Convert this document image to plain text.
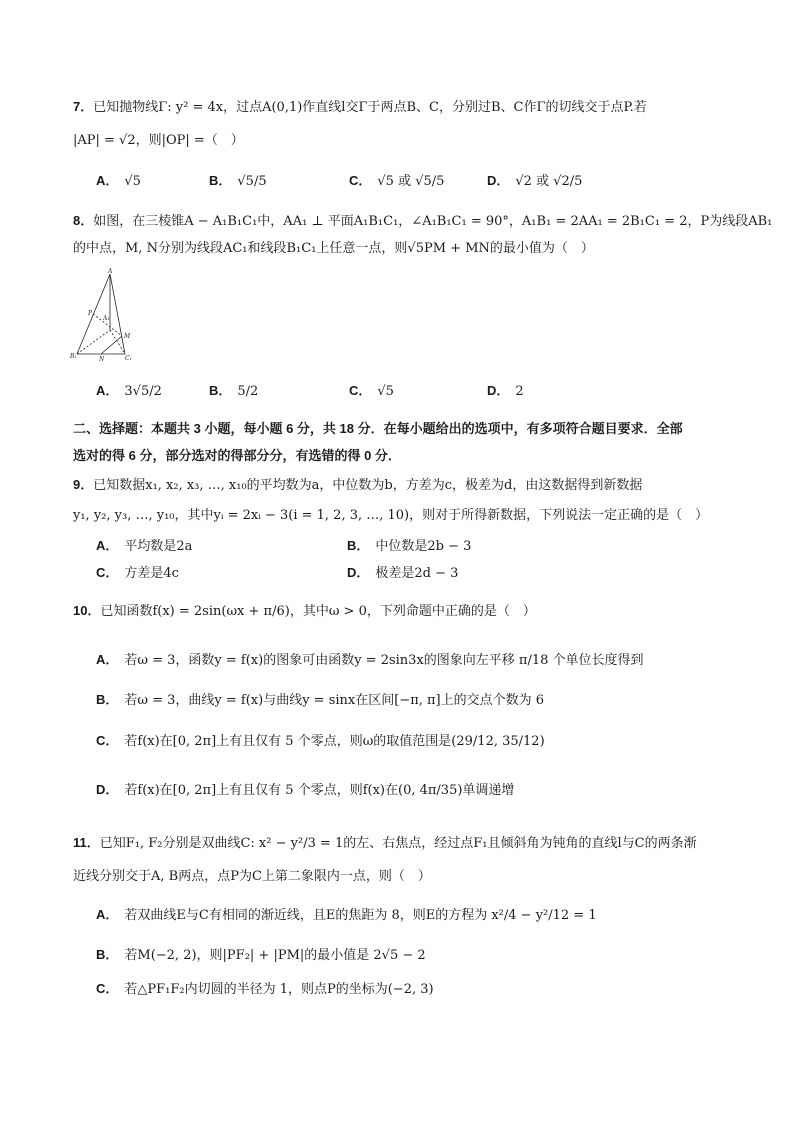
7．已知抛物线Γ: y² = 4x，过点A(0,1)作直线l交Γ于两点B、C，分别过B、C作Γ的切线交于点P.若
|AP| = √2，则|OP| =（　）
A． √5	B． √5/5	C． √5 或 √5/5	D． √2 或 √2/5
8．如图，在三棱锥A − A₁B₁C₁中，AA₁ ⊥ 平面A₁B₁C₁，∠A₁B₁C₁ = 90°，A₁B₁ = 2AA₁ = 2B₁C₁ = 2，P为线段AB₁
的中点，M, N分别为线段AC₁和线段B₁C₁上任意一点，则√5PM + MN的最小值为（　）
A
P
A₁
M
B₁	N	C₁
A． 3√5/2	B． 5/2	C． √5	D． 2
二、选择题：本题共 3 小题，每小题 6 分，共 18 分．在每小题给出的选项中，有多项符合题目要求．全部
选对的得 6 分，部分选对的得部分分，有选错的得 0 分．
9．已知数据x₁, x₂, x₃, …, x₁₀的平均数为a，中位数为b，方差为c，极差为d，由这数据得到新数据
y₁, y₂, y₃, …, y₁₀，其中yᵢ = 2xᵢ − 3(i = 1, 2, 3, …, 10)，则对于所得新数据，下列说法一定正确的是（　）
A． 平均数是2a	B． 中位数是2b − 3
C． 方差是4c	D． 极差是2d − 3
10．已知函数f(x) = 2sin(ωx + π/6)，其中ω > 0，下列命题中正确的是（　）
A． 若ω = 3，函数y = f(x)的图象可由函数y = 2sin3x的图象向左平移 π/18 个单位长度得到
B． 若ω = 3，曲线y = f(x)与曲线y = sinx在区间[−π, π]上的交点个数为 6
C． 若f(x)在[0, 2π]上有且仅有 5 个零点，则ω的取值范围是(29/12, 35/12)
D． 若f(x)在[0, 2π]上有且仅有 5 个零点，则f(x)在(0, 4π/35)单调递增
11．已知F₁, F₂分别是双曲线C: x² − y²/3 = 1的左、右焦点，经过点F₁且倾斜角为钝角的直线l与C的两条渐
近线分别交于A, B两点，点P为C上第二象限内一点，则（　）
A． 若双曲线E与C有相同的渐近线，且E的焦距为 8，则E的方程为 x²/4 − y²/12 = 1
B． 若M(−2, 2)，则|PF₂| + |PM|的最小值是 2√5 − 2
C． 若△PF₁F₂内切圆的半径为 1，则点P的坐标为(−2, 3)
